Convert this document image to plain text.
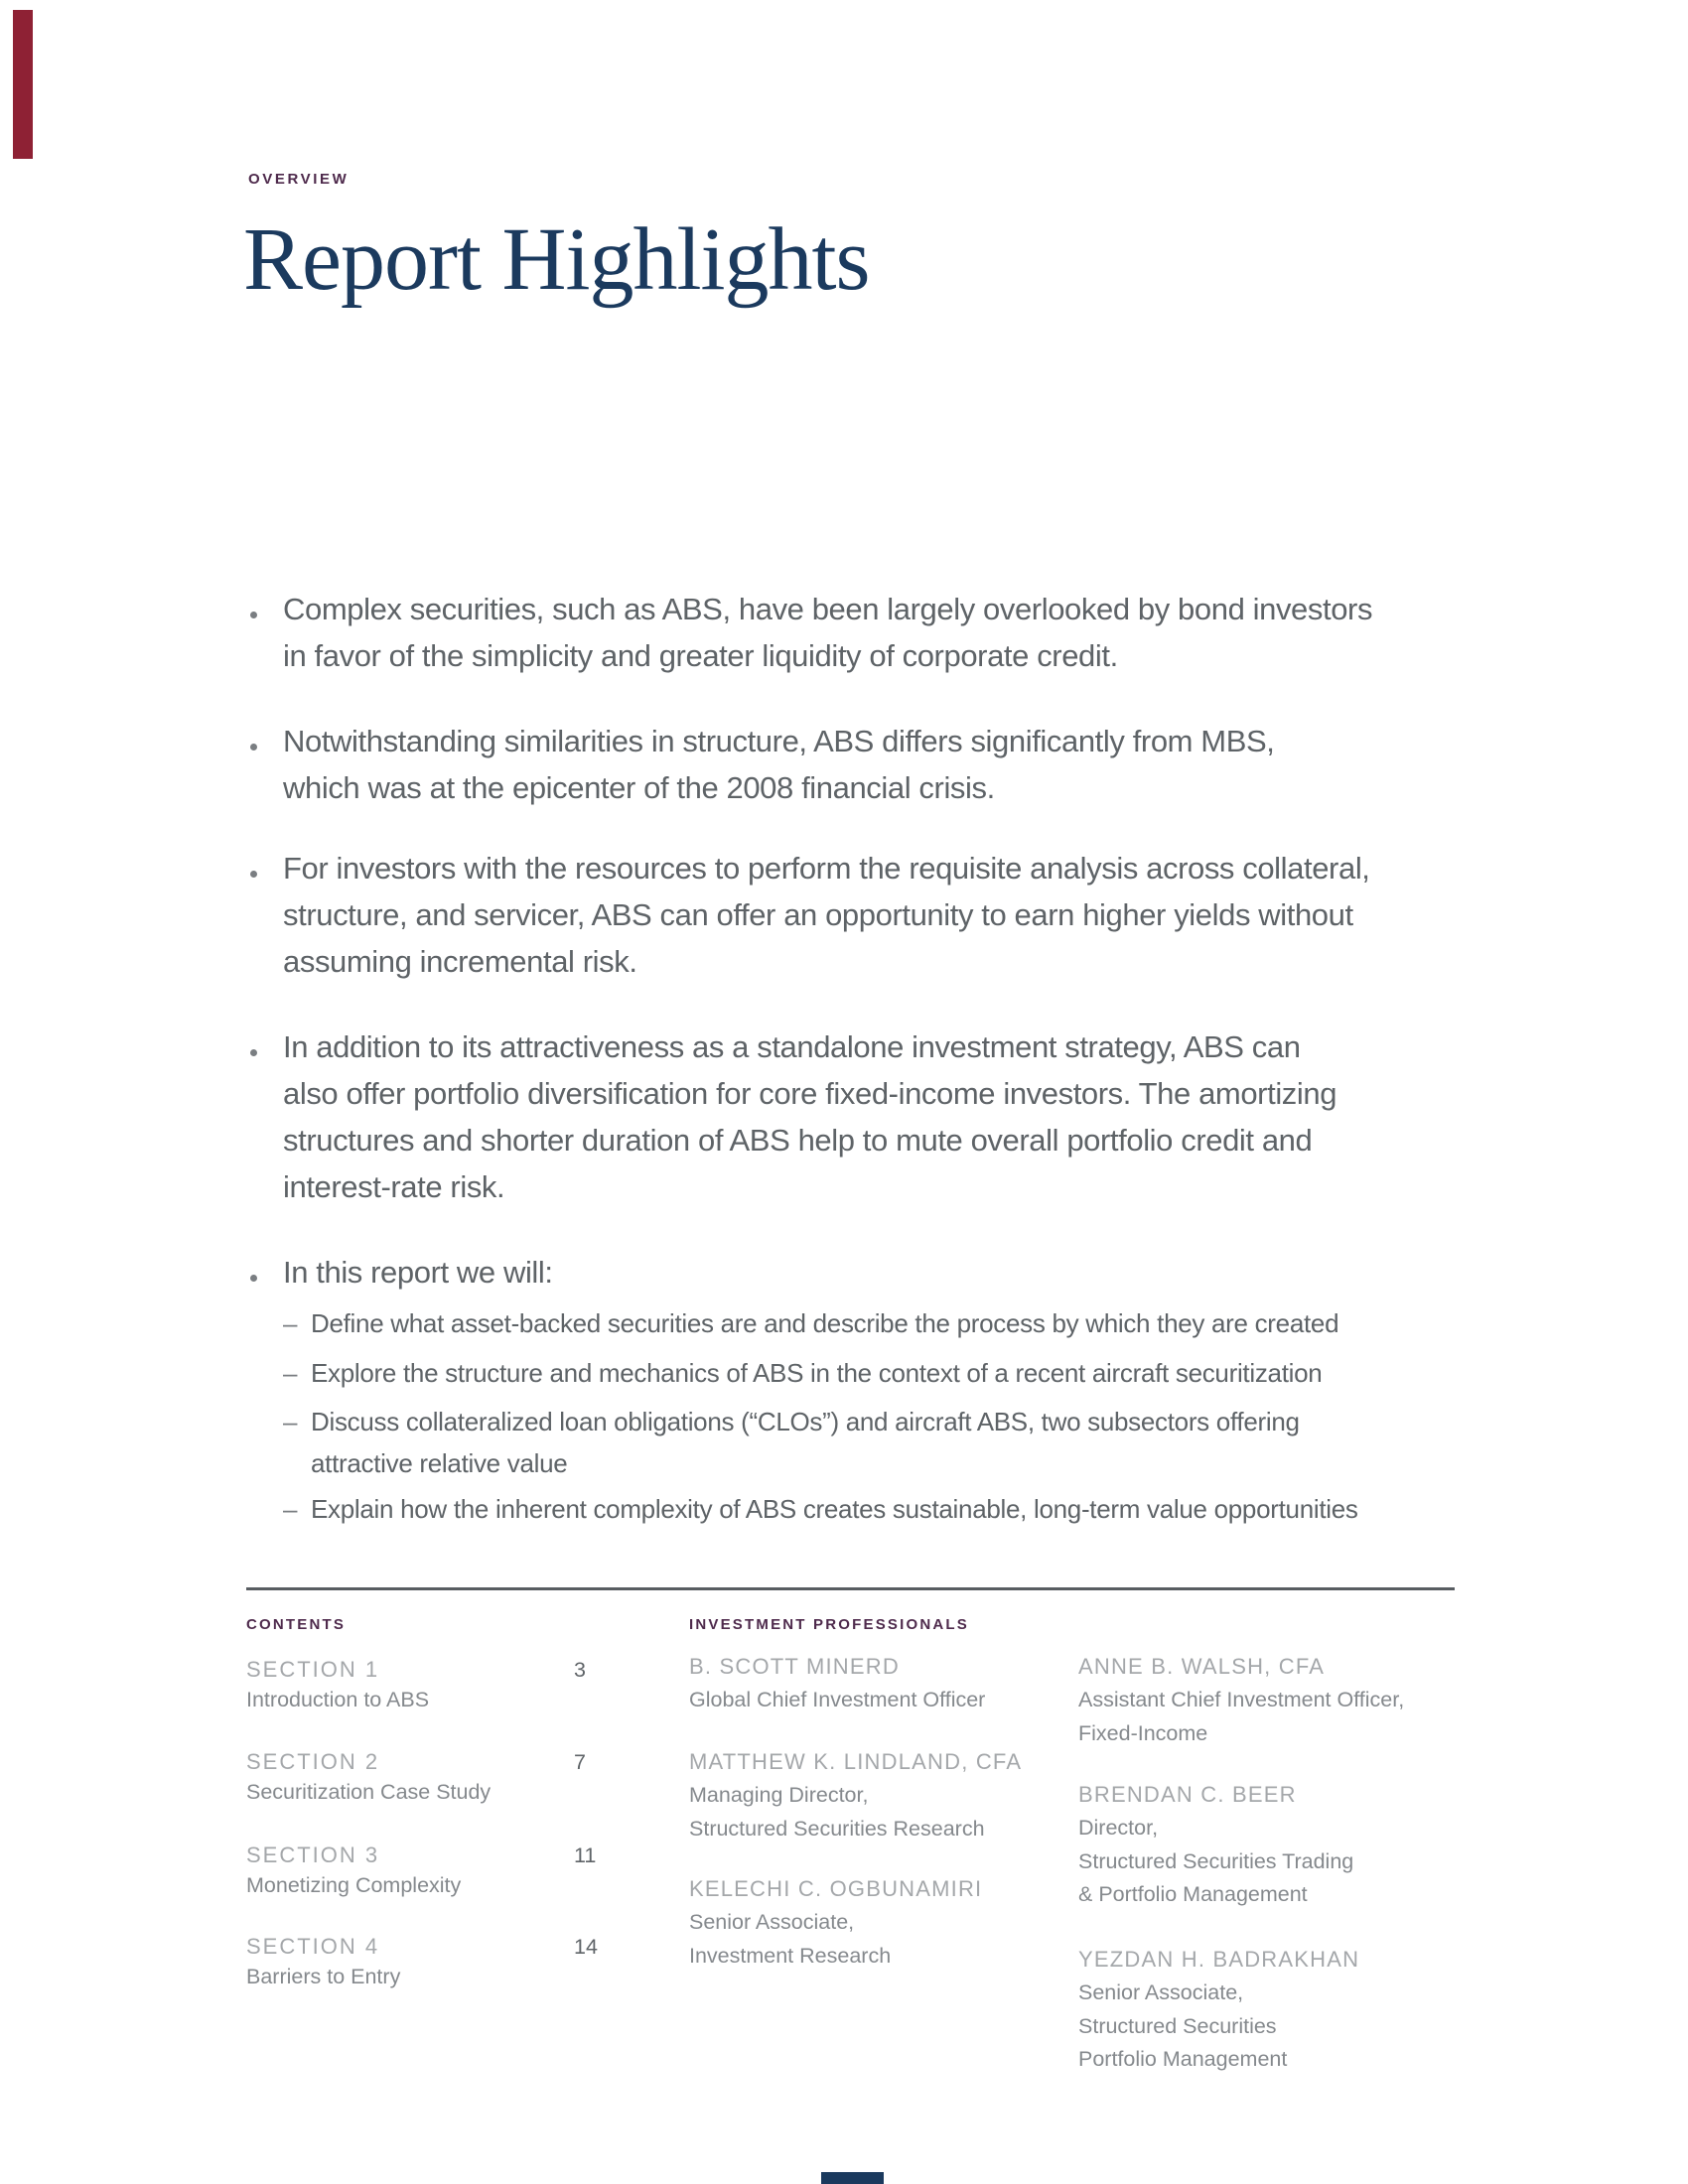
OVERVIEW
Report Highlights
Complex securities, such as ABS, have been largely overlooked by bond investors
in favor of the simplicity and greater liquidity of corporate credit.
Notwithstanding similarities in structure, ABS differs significantly from MBS,
which was at the epicenter of the 2008 financial crisis.
For investors with the resources to perform the requisite analysis across collateral,
structure, and servicer, ABS can offer an opportunity to earn higher yields without
assuming incremental risk.
In addition to its attractiveness as a standalone investment strategy, ABS can
also offer portfolio diversification for core fixed-income investors. The amortizing
structures and shorter duration of ABS help to mute overall portfolio credit and
interest-rate risk.
In this report we will:
–
Define what asset-backed securities are and describe the process by which they are created
–
Explore the structure and mechanics of ABS in the context of a recent aircraft securitization
–
Discuss collateralized loan obligations (“CLOs”) and aircraft ABS, two subsectors offering
attractive relative value
–
Explain how the inherent complexity of ABS creates sustainable, long-term value opportunities
CONTENTS	INVESTMENT PROFESSIONALS
SECTION 1	3
Introduction to ABS
SECTION 2	7
Securitization Case Study
SECTION 3	11
Monetizing Complexity
SECTION 4	14
Barriers to Entry
B. SCOTT MINERD
Global Chief Investment Officer
MATTHEW K. LINDLAND, CFA
Managing Director,
Structured Securities Research
KELECHI C. OGBUNAMIRI
Senior Associate,
Investment Research
ANNE B. WALSH, CFA
Assistant Chief Investment Officer,
Fixed-Income
BRENDAN C. BEER
Director,
Structured Securities Trading
& Portfolio Management
YEZDAN H. BADRAKHAN
Senior Associate,
Structured Securities
Portfolio Management
